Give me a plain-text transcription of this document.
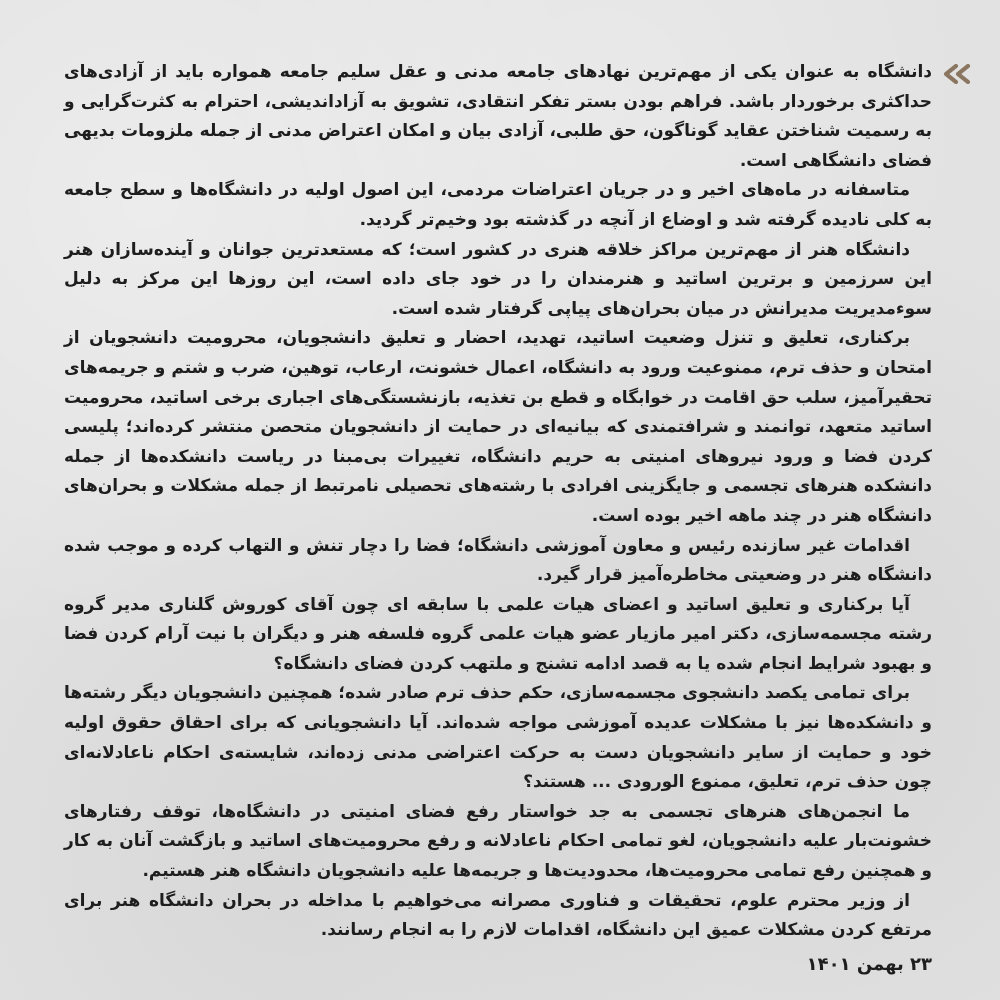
دانشگاه به عنوان یکی از مهم‌ترین نهادهای جامعه مدنی و عقل سلیم جامعه همواره باید از آزادی‌های حداکثری برخوردار باشد. فراهم بودن بستر تفکر انتقادی، تشویق به آزاداندیشی، احترام به کثرت‌گرایی و به رسمیت شناختن عقاید گوناگون، حق طلبی، آزادی بیان و امکان اعتراض مدنی از جمله ملزومات بدیهی فضای دانشگاهی است.

متاسفانه در ماه‌های اخیر و در جریان اعتراضات مردمی، این اصول اولیه در دانشگاه‌ها و سطح جامعه به کلی نادیده گرفته شد و اوضاع از آنچه در گذشته بود وخیم‌تر گردید.

دانشگاه هنر از مهم‌ترین مراکز خلاقه هنری در کشور است؛ که مستعدترین جوانان و آینده‌سازان هنر این سرزمین و برترین اساتید و هنرمندان را در خود جای داده است، این روزها این مرکز به دلیل سوءمدیریت مدیرانش در میان بحران‌های پیاپی گرفتار شده است.

برکناری، تعلیق و تنزل وضعیت اساتید، تهدید، احضار و تعلیق دانشجویان، محرومیت دانشجویان از امتحان و حذف ترم، ممنوعیت ورود به دانشگاه، اعمال خشونت، ارعاب، توهین، ضرب و شتم و جریمه‌های تحقیرآمیز، سلب حق اقامت در خوابگاه و قطع بن تغذیه، بازنشستگی‌های اجباری برخی اساتید، محرومیت اساتید متعهد، توانمند و شرافتمندی که بیانیه‌ای در حمایت از دانشجویان متحصن منتشر کرده‌اند؛ پلیسی کردن فضا و ورود نیروهای امنیتی به حریم دانشگاه، تغییرات بی‌مبنا در ریاست دانشکده‌ها از جمله دانشکده هنرهای تجسمی و جایگزینی افرادی با رشته‌های تحصیلی نامرتبط از جمله مشکلات و بحران‌های دانشگاه هنر در چند ماهه اخیر بوده است.

اقدامات غیر سازنده رئیس و معاون آموزشی دانشگاه؛ فضا را دچار تنش و التهاب کرده و موجب شده دانشگاه هنر در وضعیتی مخاطره‌آمیز قرار گیرد.

آیا برکناری و تعلیق اساتید و اعضای هیات علمی با سابقه ای چون آقای کوروش گلناری مدیر گروه رشته مجسمه‌سازی، دکتر امیر مازیار عضو هیات علمی گروه فلسفه هنر و دیگران با نیت آرام کردن فضا و بهبود شرایط انجام شده یا به قصد ادامه تشنج و ملتهب کردن فضای دانشگاه؟

برای تمامی یکصد دانشجوی مجسمه‌سازی، حکم حذف ترم صادر شده؛ همچنین دانشجویان دیگر رشته‌ها و دانشکده‌ها نیز با مشکلات عدیده آموزشی مواجه شده‌اند. آیا دانشجویانی که برای احقاق حقوق اولیه خود و حمایت از سایر دانشجویان دست به حرکت اعتراضی مدنی زده‌اند، شایسته‌ی احکام ناعادلانه‌ای چون حذف ترم، تعلیق، ممنوع الورودی ... هستند؟

ما انجمن‌های هنرهای تجسمی به جد خواستار رفع فضای امنیتی در دانشگاه‌ها، توقف رفتارهای خشونت‌بار علیه دانشجویان، لغو تمامی احکام ناعادلانه و رفع محرومیت‌های اساتید و بازگشت آنان به کار و همچنین رفع تمامی محرومیت‌ها، محدودیت‌ها و جریمه‌ها علیه دانشجویان دانشگاه هنر هستیم.

از وزیر محترم علوم، تحقیقات و فناوری مصرانه می‌خواهیم با مداخله در بحران دانشگاه هنر برای مرتفع کردن مشکلات عمیق این دانشگاه، اقدامات لازم را به انجام رسانند.

۲۳ بهمن ۱۴۰۱
